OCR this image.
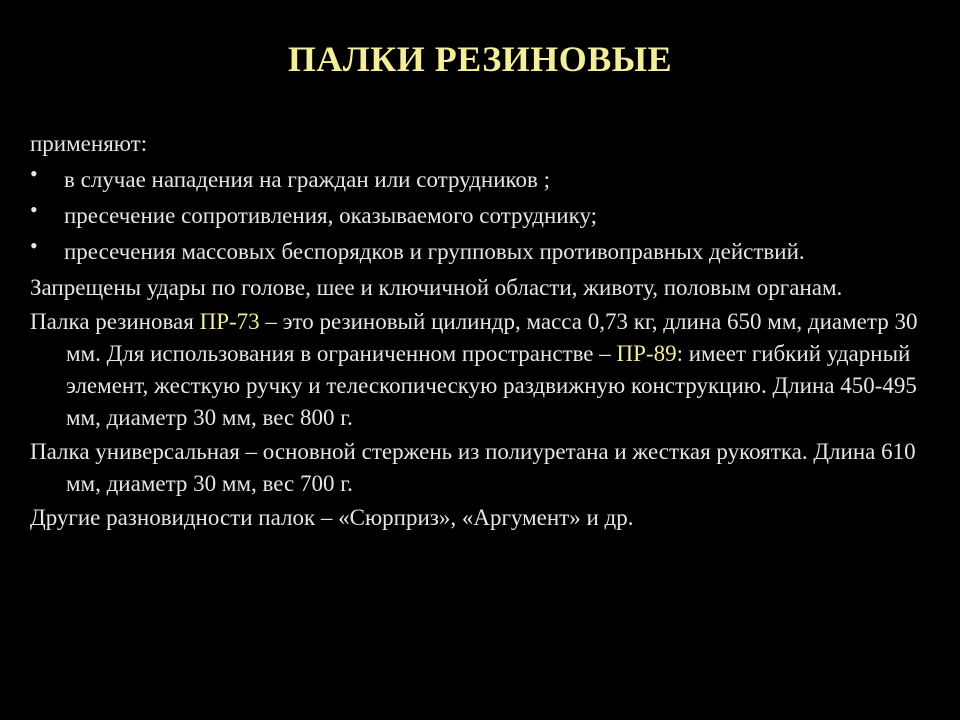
ПАЛКИ РЕЗИНОВЫЕ
применяют:
• в случае нападения на граждан или сотрудников ;
• пресечение сопротивления, оказываемого сотруднику;
• пресечения массовых беспорядков и групповых противоправных действий.
Запрещены удары по голове, шее и ключичной области, животу, половым органам.
Палка резиновая ПР-73 – это резиновый цилиндр, масса 0,73 кг, длина 650 мм, диаметр 30 мм. Для использования в ограниченном пространстве – ПР-89: имеет гибкий ударный элемент, жесткую ручку и телескопическую раздвижную конструкцию. Длина 450-495 мм, диаметр 30 мм, вес 800 г.
Палка универсальная – основной стержень из полиуретана и жесткая рукоятка. Длина 610 мм, диаметр 30 мм, вес 700 г.
Другие разновидности палок – «Сюрприз», «Аргумент» и др.
